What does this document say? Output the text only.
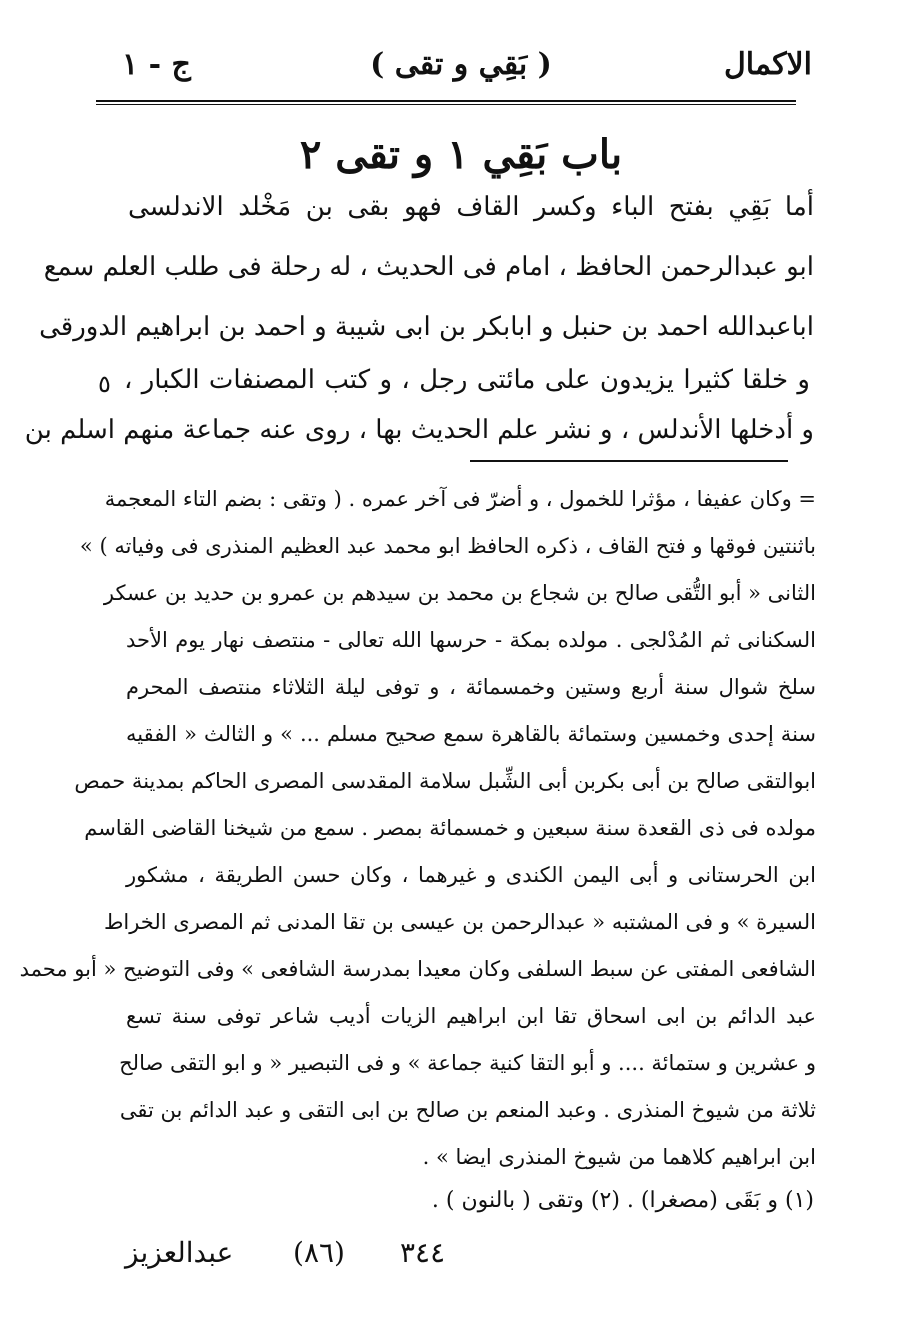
الاكمال
( بَقِي و تقى )
ج - ١
باب بَقِي ١ و تقى ٢
أما بَقِي بفتح الباء وكسر القاف فهو بقى بن مَخْلد الاندلسى
ابو عبدالرحمن الحافظ ، امام فى الحديث ، له رحلة فى طلب العلم سمع
اباعبدالله احمد بن حنبل و ابابكر بن ابى شيبة و احمد بن ابراهيم الدورقى
و خلقا كثيرا يزيدون على مائتى رجل ، و كتب المصنفات الكبار ،
٥
و أدخلها الأندلس ، و نشر علم الحديث بها ، روى عنه جماعة منهم اسلم بن
= وكان عفيفا ، مؤثرا للخمول ، و أضرّ فى آخر عمره . ( وتقى : بضم التاء المعجمة
باثنتين فوقها و فتح القاف ، ذكره الحافظ ابو محمد عبد العظيم المنذرى فى وفياته ) »
الثانى « أبو التُّقى صالح بن شجاع بن محمد بن سيدهم بن عمرو بن حديد بن عسكر
السكنانى ثم المُدْلجى . مولده بمكة - حرسها الله تعالى - منتصف نهار يوم الأحد
سلخ شوال سنة أربع وستين وخمسمائة ، و توفى ليلة الثلاثاء منتصف المحرم
سنة إحدى وخمسين وستمائة بالقاهرة سمع صحيح مسلم ... » و الثالث « الفقيه
ابوالتقى صالح بن أبى بكربن أبى الشِّبل سلامة المقدسى المصرى الحاكم بمدينة حمص
مولده فى ذى القعدة سنة سبعين و خمسمائة بمصر . سمع من شيخنا القاضى القاسم
ابن الحرستانى و أبى اليمن الكندى و غيرهما ، وكان حسن الطريقة ، مشكور
السيرة » و فى المشتبه « عبدالرحمن بن عيسى بن تقا المدنى ثم المصرى الخراط
الشافعى المفتى عن سبط السلفى وكان معيدا بمدرسة الشافعى » وفى التوضيح « أبو محمد
عبد الدائم بن ابى اسحاق تقا ابن ابراهيم الزيات أديب شاعر توفى سنة تسع
و عشرين و ستمائة .... و أبو التقا كنية جماعة » و فى التبصير « و ابو التقى صالح
ثلاثة من شيوخ المنذرى . وعبد المنعم بن صالح بن ابى التقى و عبد الدائم بن تقى
ابن ابراهيم كلاهما من شيوخ المنذرى ايضا » .
(١) و بَقَى (مصغرا) . (٢) وتقى ( بالنون ) .
٣٤٤
(٨٦)
عبدالعزيز
